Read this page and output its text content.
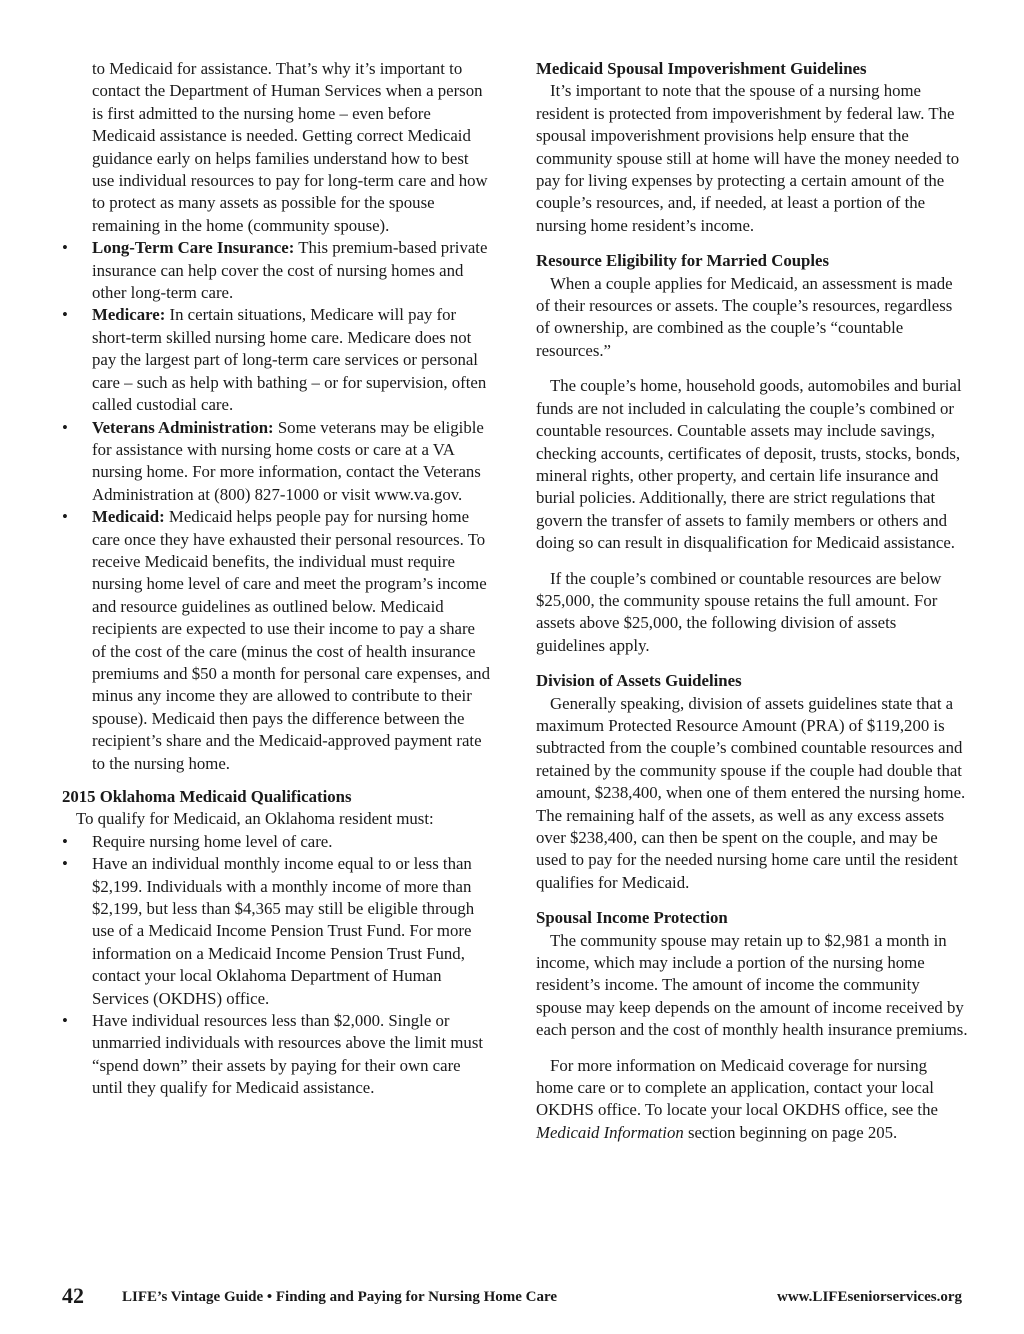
to Medicaid for assistance. That’s why it’s important to contact the Department of Human Services when a person is first admitted to the nursing home – even before Medicaid assistance is needed. Getting correct Medicaid guidance early on helps families understand how to best use individual resources to pay for long-term care and how to protect as many assets as possible for the spouse remaining in the home (community spouse).

• Long-Term Care Insurance: This premium-based private insurance can help cover the cost of nursing homes and other long-term care.
• Medicare: In certain situations, Medicare will pay for short-term skilled nursing home care. Medicare does not pay the largest part of long-term care services or personal care – such as help with bathing – or for supervision, often called custodial care.
• Veterans Administration: Some veterans may be eligible for assistance with nursing home costs or care at a VA nursing home. For more information, contact the Veterans Administration at (800) 827-1000 or visit www.va.gov.
• Medicaid: Medicaid helps people pay for nursing home care once they have exhausted their personal resources. To receive Medicaid benefits, the individual must require nursing home level of care and meet the program’s income and resource guidelines as outlined below. Medicaid recipients are expected to use their income to pay a share of the cost of the care (minus the cost of health insurance premiums and $50 a month for personal care expenses, and minus any income they are allowed to contribute to their spouse). Medicaid then pays the difference between the recipient’s share and the Medicaid-approved payment rate to the nursing home.

2015 Oklahoma Medicaid Qualifications

To qualify for Medicaid, an Oklahoma resident must:

• Require nursing home level of care.
• Have an individual monthly income equal to or less than $2,199. Individuals with a monthly income of more than $2,199, but less than $4,365 may still be eligible through use of a Medicaid Income Pension Trust Fund. For more information on a Medicaid Income Pension Trust Fund, contact your local Oklahoma Department of Human Services (OKDHS) office.
• Have individual resources less than $2,000. Single or unmarried individuals with resources above the limit must “spend down” their assets by paying for their own care until they qualify for Medicaid assistance.

Medicaid Spousal Impoverishment Guidelines

It’s important to note that the spouse of a nursing home resident is protected from impoverishment by federal law. The spousal impoverishment provisions help ensure that the community spouse still at home will have the money needed to pay for living expenses by protecting a certain amount of the couple’s resources, and, if needed, at least a portion of the nursing home resident’s income.

Resource Eligibility for Married Couples

When a couple applies for Medicaid, an assessment is made of their resources or assets. The couple’s resources, regardless of ownership, are combined as the couple’s “countable resources.”

The couple’s home, household goods, automobiles and burial funds are not included in calculating the couple’s combined or countable resources. Countable assets may include savings, checking accounts, certificates of deposit, trusts, stocks, bonds, mineral rights, other property, and certain life insurance and burial policies. Additionally, there are strict regulations that govern the transfer of assets to family members or others and doing so can result in disqualification for Medicaid assistance.

If the couple’s combined or countable resources are below $25,000, the community spouse retains the full amount. For assets above $25,000, the following division of assets guidelines apply.

Division of Assets Guidelines

Generally speaking, division of assets guidelines state that a maximum Protected Resource Amount (PRA) of $119,200 is subtracted from the couple’s combined countable resources and retained by the community spouse if the couple had double that amount, $238,400, when one of them entered the nursing home. The remaining half of the assets, as well as any excess assets over $238,400, can then be spent on the couple, and may be used to pay for the needed nursing home care until the resident qualifies for Medicaid.

Spousal Income Protection

The community spouse may retain up to $2,981 a month in income, which may include a portion of the nursing home resident’s income. The amount of income the community spouse may keep depends on the amount of income received by each person and the cost of monthly health insurance premiums.

For more information on Medicaid coverage for nursing home care or to complete an application, contact your local OKDHS office. To locate your local OKDHS office, see the Medicaid Information section beginning on page 205.

42	LIFE’s Vintage Guide • Finding and Paying for Nursing Home Care	www.LIFEseniorservices.org
